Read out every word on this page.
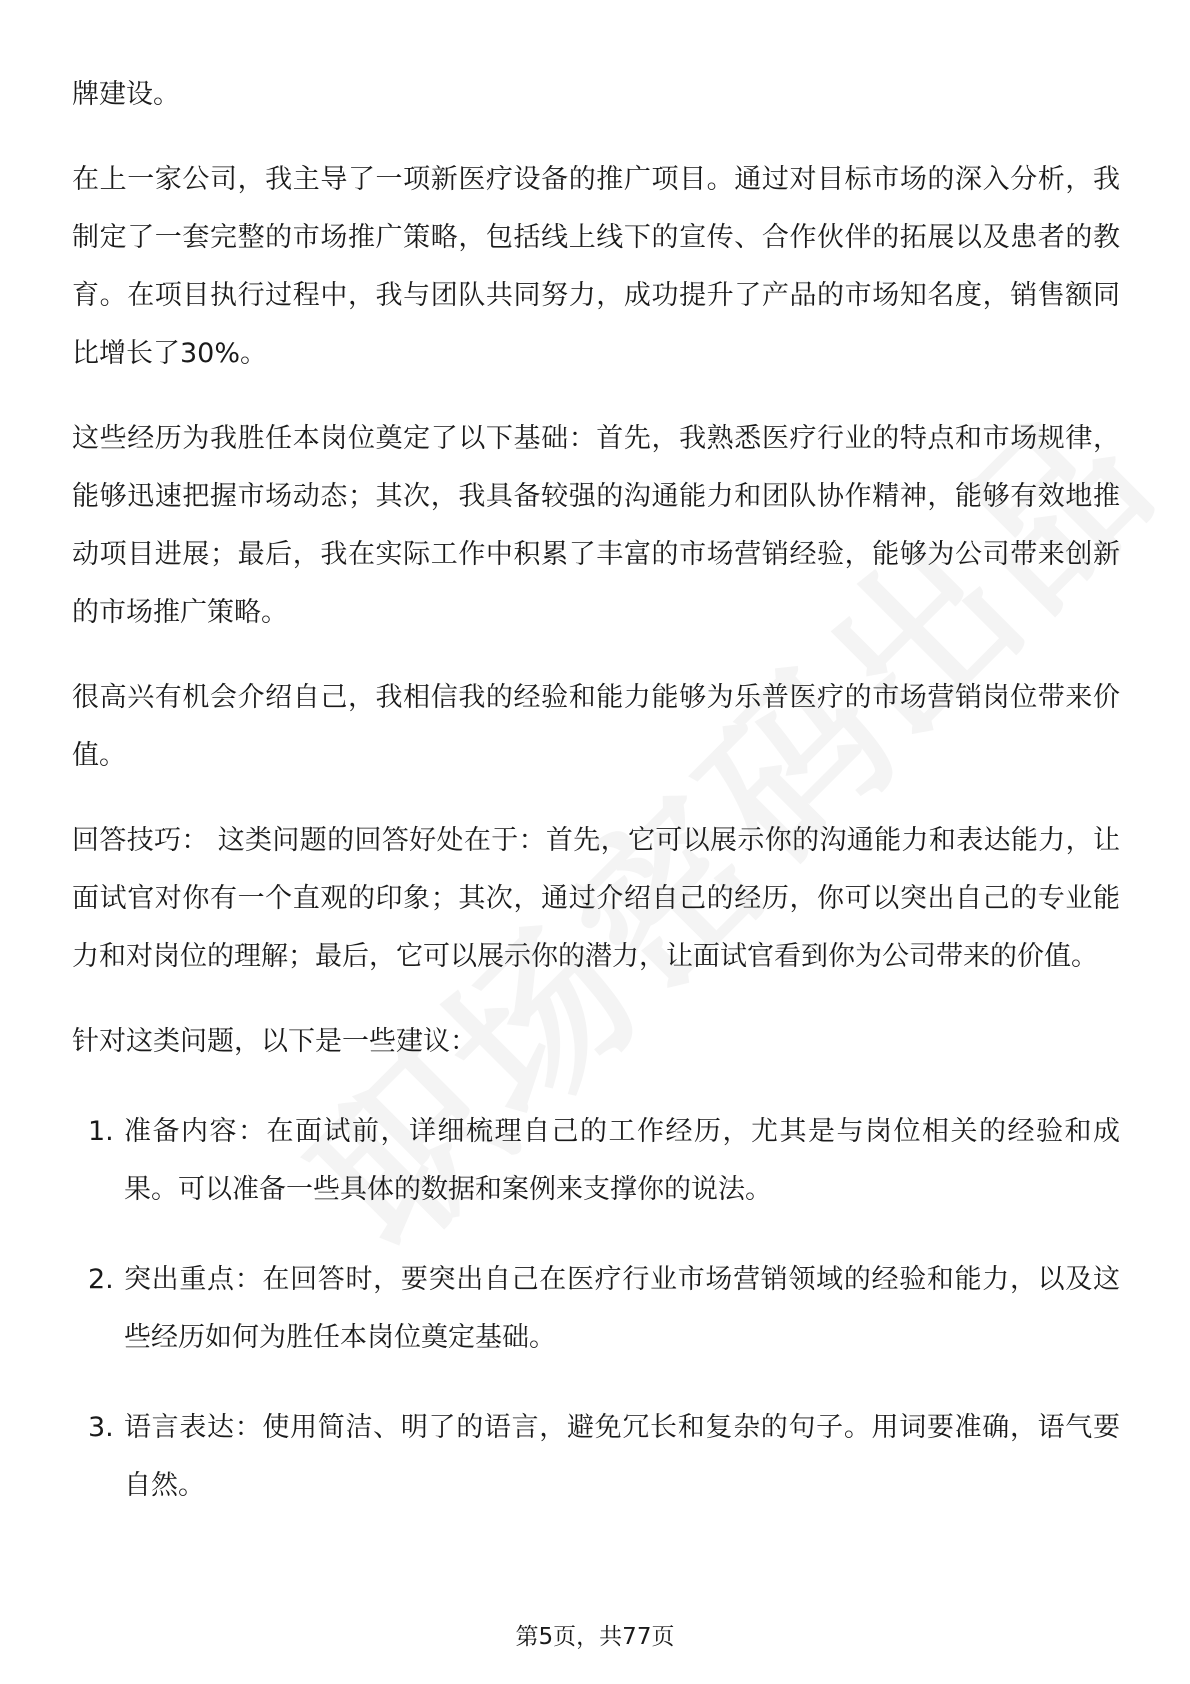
牌建设。

在上一家公司，我主导了一项新医疗设备的推广项目。通过对目标市场的深入分析，我制定了一套完整的市场推广策略，包括线上线下的宣传、合作伙伴的拓展以及患者的教育。在项目执行过程中，我与团队共同努力，成功提升了产品的市场知名度，销售额同比增长了30%。

这些经历为我胜任本岗位奠定了以下基础：首先，我熟悉医疗行业的特点和市场规律，能够迅速把握市场动态；其次，我具备较强的沟通能力和团队协作精神，能够有效地推动项目进展；最后，我在实际工作中积累了丰富的市场营销经验，能够为公司带来创新的市场推广策略。

很高兴有机会介绍自己，我相信我的经验和能力能够为乐普医疗的市场营销岗位带来价值。

回答技巧： 这类问题的回答好处在于：首先，它可以展示你的沟通能力和表达能力，让面试官对你有一个直观的印象；其次，通过介绍自己的经历，你可以突出自己的专业能力和对岗位的理解；最后，它可以展示你的潜力，让面试官看到你为公司带来的价值。

针对这类问题，以下是一些建议：

1. 准备内容：在面试前，详细梳理自己的工作经历，尤其是与岗位相关的经验和成果。可以准备一些具体的数据和案例来支撑你的说法。
2. 突出重点：在回答时，要突出自己在医疗行业市场营销领域的经验和能力，以及这些经历如何为胜任本岗位奠定基础。
3. 语言表达：使用简洁、明了的语言，避免冗长和复杂的句子。用词要准确，语气要自然。
第5页，共77页
